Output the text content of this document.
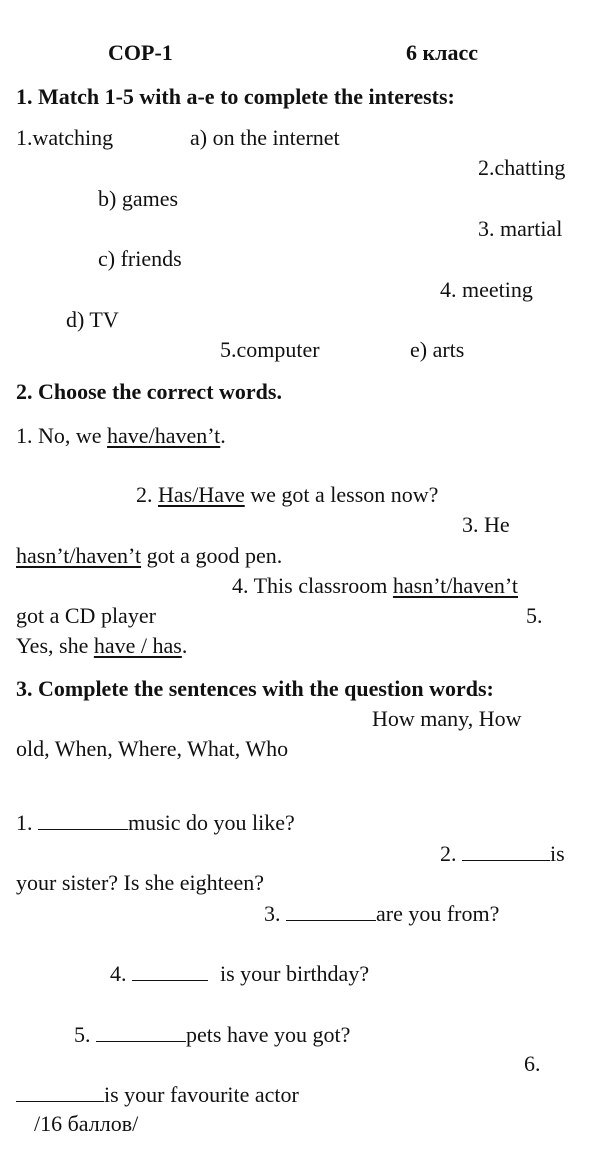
СОР-1	6 класс
1. Match 1-5 with a-e to complete the interests:
1.watching	a) on the internet
2.chatting
b) games
3. martial
c) friends
4. meeting
d) TV
5.computer	e) arts
2. Choose the correct words.
1. No, we have/haven’t.
2. Has/Have we got a lesson now?
3. He
hasn’t/haven’t got a good pen.
4. This classroom hasn’t/haven’t
got a CD player	5.
Yes, she have / has.
3. Complete the sentences with the question words:
How many, How
old, When, Where, What, Who
1.	music do you like?
2.	is
your sister? Is she eighteen?
3.	are you from?
4.	is your birthday?
5.	pets have you got?
6.
is your favourite actor
/16 баллов/
